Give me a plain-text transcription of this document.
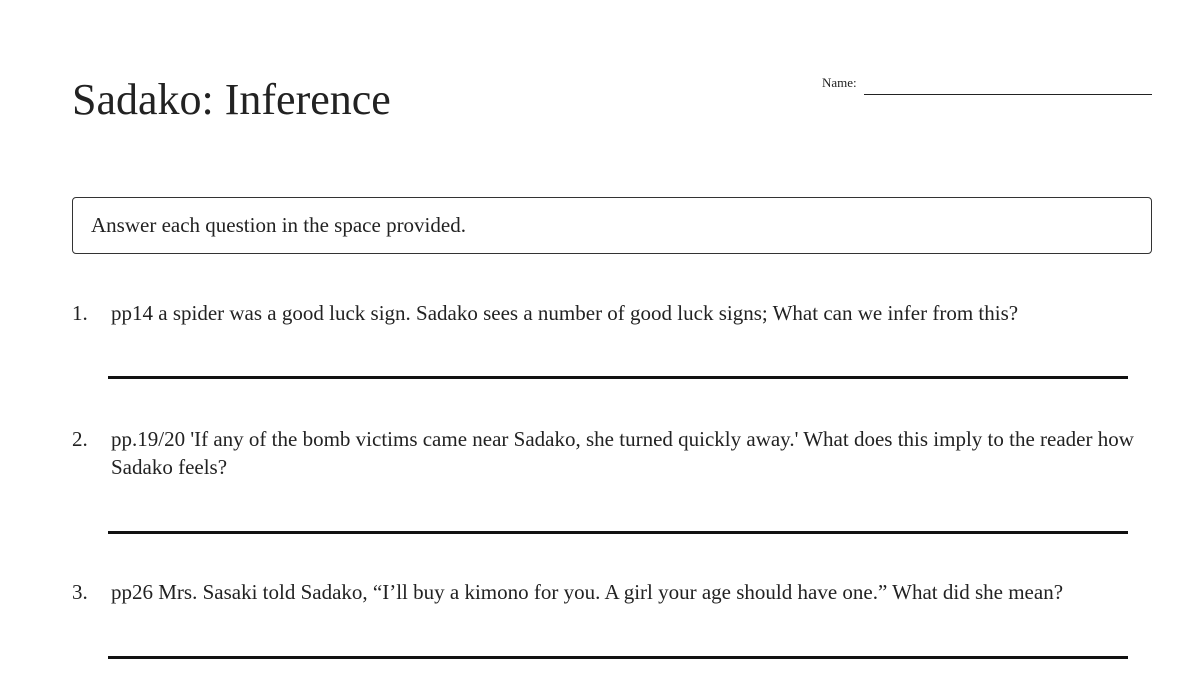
Sadako: Inference	Name:
Answer each question in the space provided.
1. pp14 a spider was a good luck sign. Sadako sees a number of good luck signs; What can we infer from this?
2. pp.19/20 'If any of the bomb victims came near Sadako, she turned quickly away.' What does this imply to the reader how Sadako feels?
3. pp26 Mrs. Sasaki told Sadako, “I’ll buy a kimono for you. A girl your age should have one.” What did she mean?
